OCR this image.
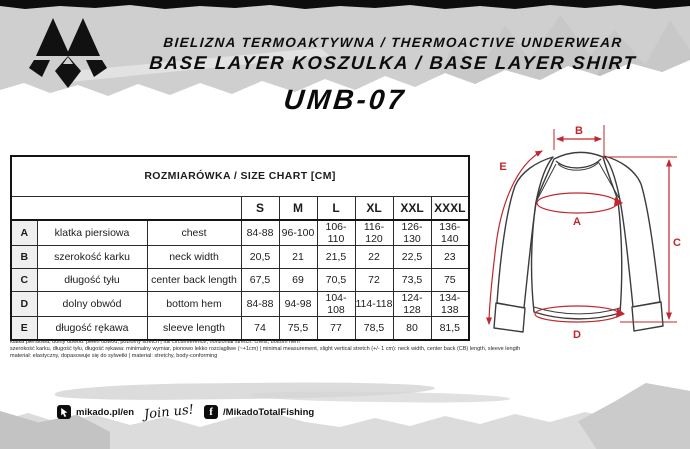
BIELIZNA TERMOAKTYWNA / THERMOACTIVE UNDERWEAR
BASE LAYER KOSZULKA / BASE LAYER SHIRT
UMB-07
ROZMIARÓWKA / SIZE CHART [CM]								
			S	M	L	XL	XXL	XXXL
A	klatka piersiowa	chest	84-88	96-100	106-110	116-120	126-130	136-140
B	szerokość karku	neck width	20,5	21	21,5	22	22,5	23
C	długość tyłu	center back length	67,5	69	70,5	72	73,5	75
D	dolny obwód	bottom hem	84-88	94-98	104-108	114-118	124-128	134-138
E	długość rękawa	sleeve length	74	75,5	77	78,5	80	81,5
klatka piersiowa, dolny obwód: pełen obwód, poziomy stretch | full circumference, horizontal stretch: chest, bottom hem
szerokość karku, długość tyłu, długość rękawa: minimalny wymiar, pionowo lekko rozciągliwe (~+1cm) | minimal measurement, slight vertical stretch (+/- 1 cm): neck width, center back (CB) length, sleeve length
materiał: elastyczny, dopasowuje się do sylwetki | material: stretchy, body-conforming
B
C
A
D
E
mikado.pl/en Join us! f /MikadoTotalFishing
